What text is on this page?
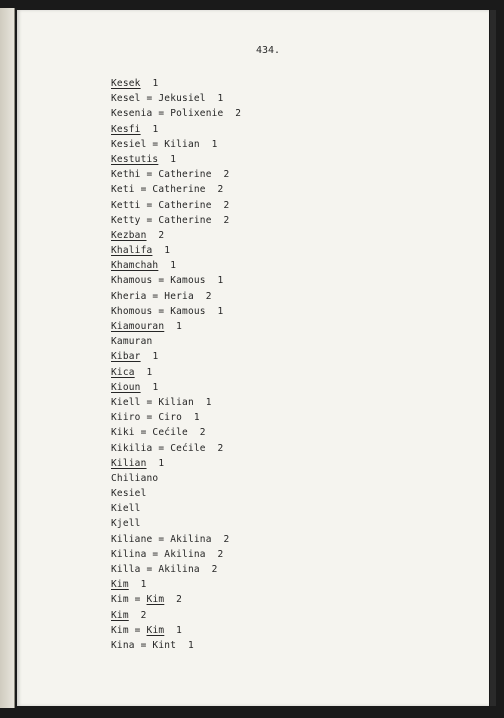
434.
Kesek  1
Kesel = Jekusiel  1
Kesenia = Polixenie  2
Kesfi  1
Kesiel = Kilian  1
Kestutis  1
Kethi = Catherine  2
Keti = Catherine  2
Ketti = Catherine  2
Ketty = Catherine  2
Kezban  2
Khalifa  1
Khamchah  1
Khamous = Kamous  1
Kheria = Heria  2
Khomous = Kamous  1
Kiamouran  1
Kamuran
Kibar  1
Kica  1
Kioun  1
Kiell = Kilian  1
Kiiro = Ciro  1
Kiki = Cećile  2
Kikilia = Cećile  2
Kilian  1
Chiliano
Kesiel
Kiell
Kjell
Kiliane = Akilina  2
Kilina = Akilina  2
Killa = Akilina  2
Kim  1
Kim = Kim  2
Kim  2
Kim = Kim  1
Kina = Kint  1
